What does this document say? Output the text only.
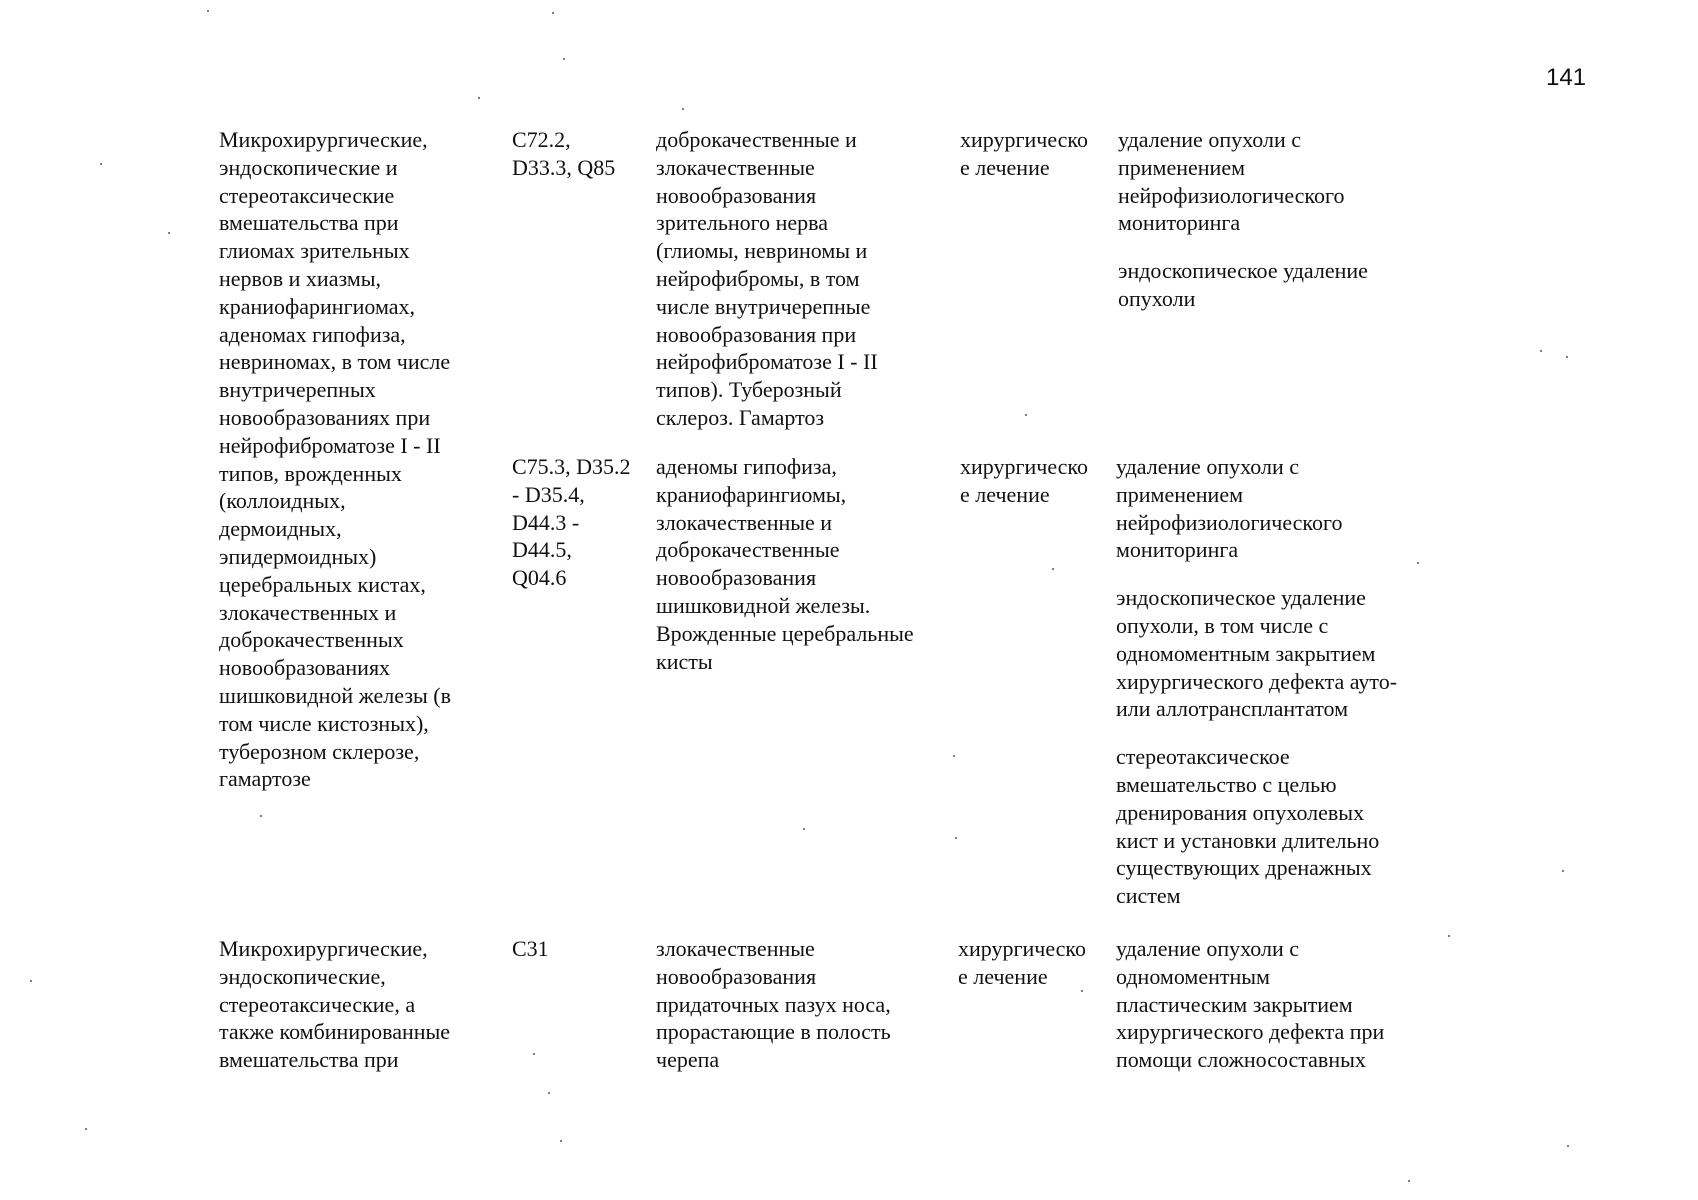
141
Микрохирургические,
эндоскопические и
стереотаксические
вмешательства при
глиомах зрительных
нервов и хиазмы,
краниофарингиомах,
аденомах гипофиза,
невриномах, в том числе
внутричерепных
новообразованиях при
нейрофиброматозе I - II
типов, врожденных
(коллоидных,
дермоидных,
эпидермоидных)
церебральных кистах,
злокачественных и
доброкачественных
новообразованиях
шишковидной железы (в
том числе кистозных),
туберозном склерозе,
гамартозе
C72.2,
D33.3, Q85
доброкачественные и
злокачественные
новообразования
зрительного нерва
(глиомы, невриномы и
нейрофибромы, в том
числе внутричерепные
новообразования при
нейрофиброматозе I - II
типов). Туберозный
склероз. Гамартоз
хирургическо
е лечение
удаление опухоли с
применением
нейрофизиологического
мониторинга
эндоскопическое удаление
опухоли
C75.3, D35.2
- D35.4,
D44.3 -
D44.5,
Q04.6
аденомы гипофиза,
краниофарингиомы,
злокачественные и
доброкачественные
новообразования
шишковидной железы.
Врожденные церебральные
кисты
хирургическо
е лечение
удаление опухоли с
применением
нейрофизиологического
мониторинга
эндоскопическое удаление
опухоли, в том числе с
одномоментным закрытием
хирургического дефекта ауто-
или аллотрансплантатом
стереотаксическое
вмешательство с целью
дренирования опухолевых
кист и установки длительно
существующих дренажных
систем
Микрохирургические,
эндоскопические,
стереотаксические, а
также комбинированные
вмешательства при
C31	злокачественные
новообразования
придаточных пазух носа,
прорастающие в полость
черепа
хирургическо
е лечение
удаление опухоли с
одномоментным
пластическим закрытием
хирургического дефекта при
помощи сложносоставных
